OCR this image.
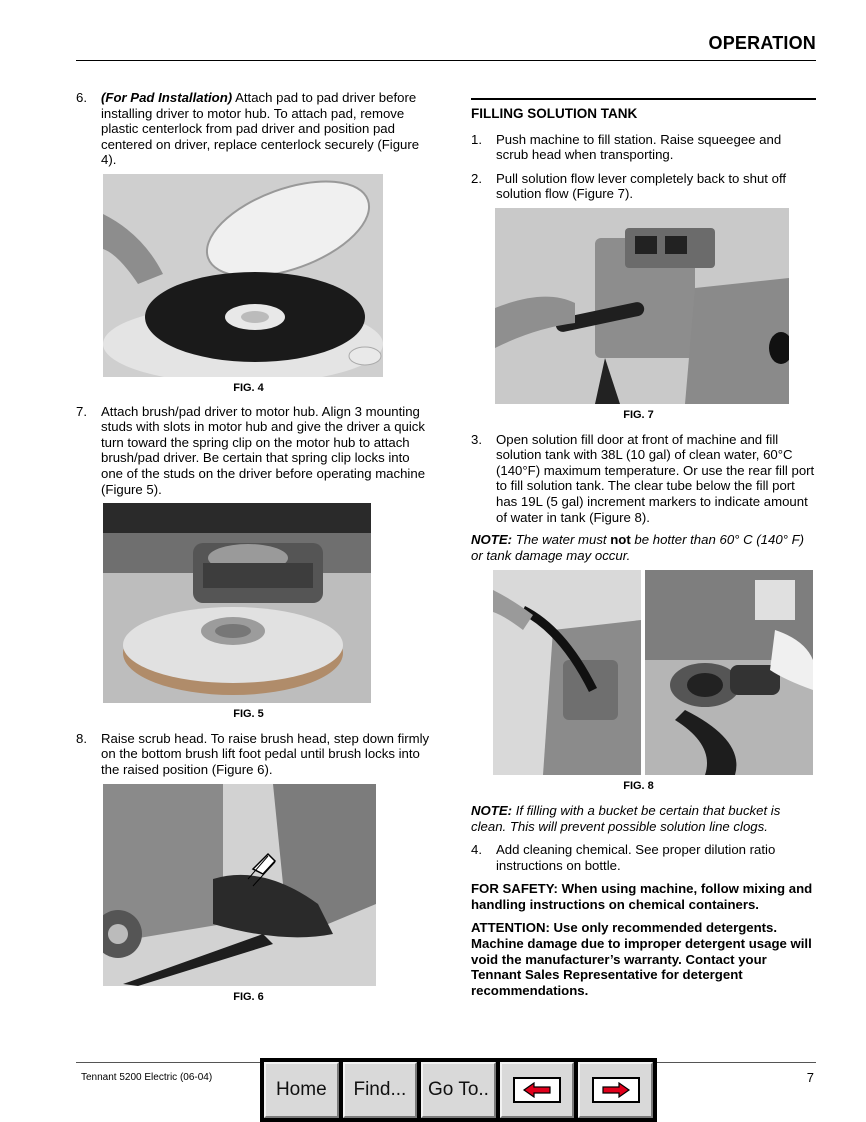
OPERATION
6.	(For Pad Installation) Attach pad to pad driver before installing driver to motor hub. To attach pad, remove plastic centerlock from pad driver and position pad centered on driver, replace centerlock securely (Figure 4).
FIG. 4
7.	Attach brush/pad driver to motor hub. Align 3 mounting studs with slots in motor hub and give the driver a quick turn toward the spring clip on the motor hub to attach brush/pad driver. Be certain that spring clip locks into one of the studs on the driver before operating machine (Figure 5).
FIG. 5
8.	Raise scrub head. To raise brush head, step down firmly on the bottom brush lift foot pedal until brush locks into the raised position (Figure 6).
FIG. 6
FILLING SOLUTION TANK
1.	Push machine to fill station. Raise squeegee and scrub head when transporting.
2.	Pull solution flow lever completely back to shut off solution flow (Figure 7).
FIG. 7
3.	Open solution fill door at front of machine and fill solution tank with 38L (10 gal) of clean water, 60°C (140°F) maximum temperature. Or use the rear fill port to fill solution tank. The clear tube below the fill port has 19L (5 gal) increment markers to indicate amount of water in tank (Figure 8).

NOTE: The water must not be hotter than 60° C (140° F) or tank damage may occur.

FIG. 8

NOTE: If filling with a bucket be certain that bucket is clean. This will prevent possible solution line clogs.

4.	Add cleaning chemical. See proper dilution ratio instructions on bottle.

FOR SAFETY: When using machine, follow mixing and handling instructions on chemical containers.

ATTENTION: Use only recommended detergents. Machine damage due to improper detergent usage will void the manufacturer’s warranty. Contact your Tennant Sales Representative for detergent recommendations.

Tennant 5200 Electric (06-04)	7
Home	Find...	Go To..
